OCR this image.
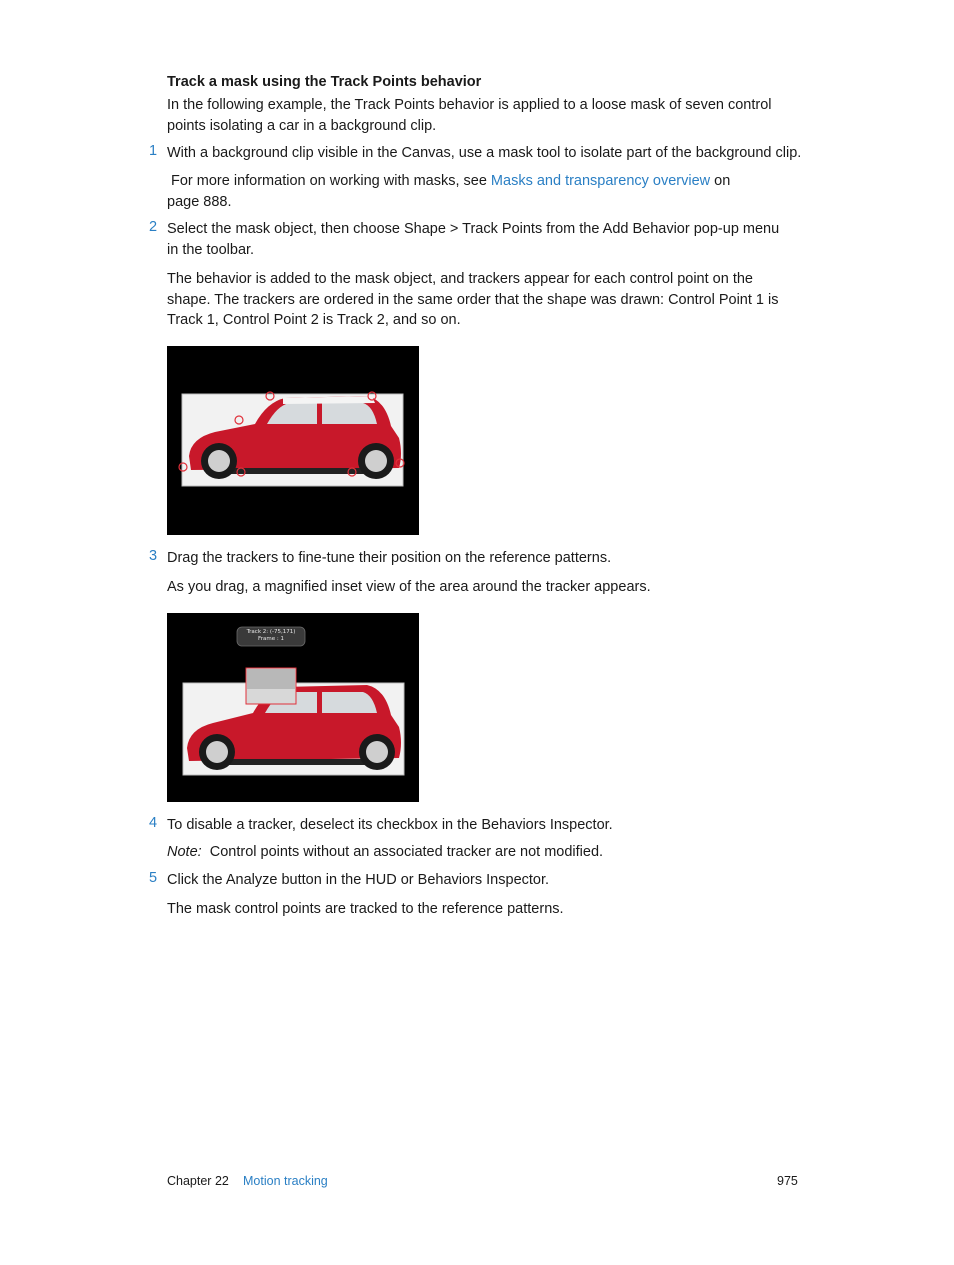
Track a mask using the Track Points behavior
In the following example, the Track Points behavior is applied to a loose mask of seven control
points isolating a car in a background clip.
1 With a background clip visible in the Canvas, use a mask tool to isolate part of the background clip.
For more information on working with masks, see Masks and transparency overview on
page 888.
2 Select the mask object, then choose Shape > Track Points from the Add Behavior pop-up menu
in the toolbar.
The behavior is added to the mask object, and trackers appear for each control point on the
shape. The trackers are ordered in the same order that the shape was drawn: Control Point 1 is
Track 1, Control Point 2 is Track 2, and so on.
3 Drag the trackers to fine-tune their position on the reference patterns.
As you drag, a magnified inset view of the area around the tracker appears.
Track 2: (-75,171)
Frame : 1
4 To disable a tracker, deselect its checkbox in the Behaviors Inspector.
Note: Control points without an associated tracker are not modified.
5 Click the Analyze button in the HUD or Behaviors Inspector.
The mask control points are tracked to the reference patterns.
Chapter 22 Motion tracking	975
